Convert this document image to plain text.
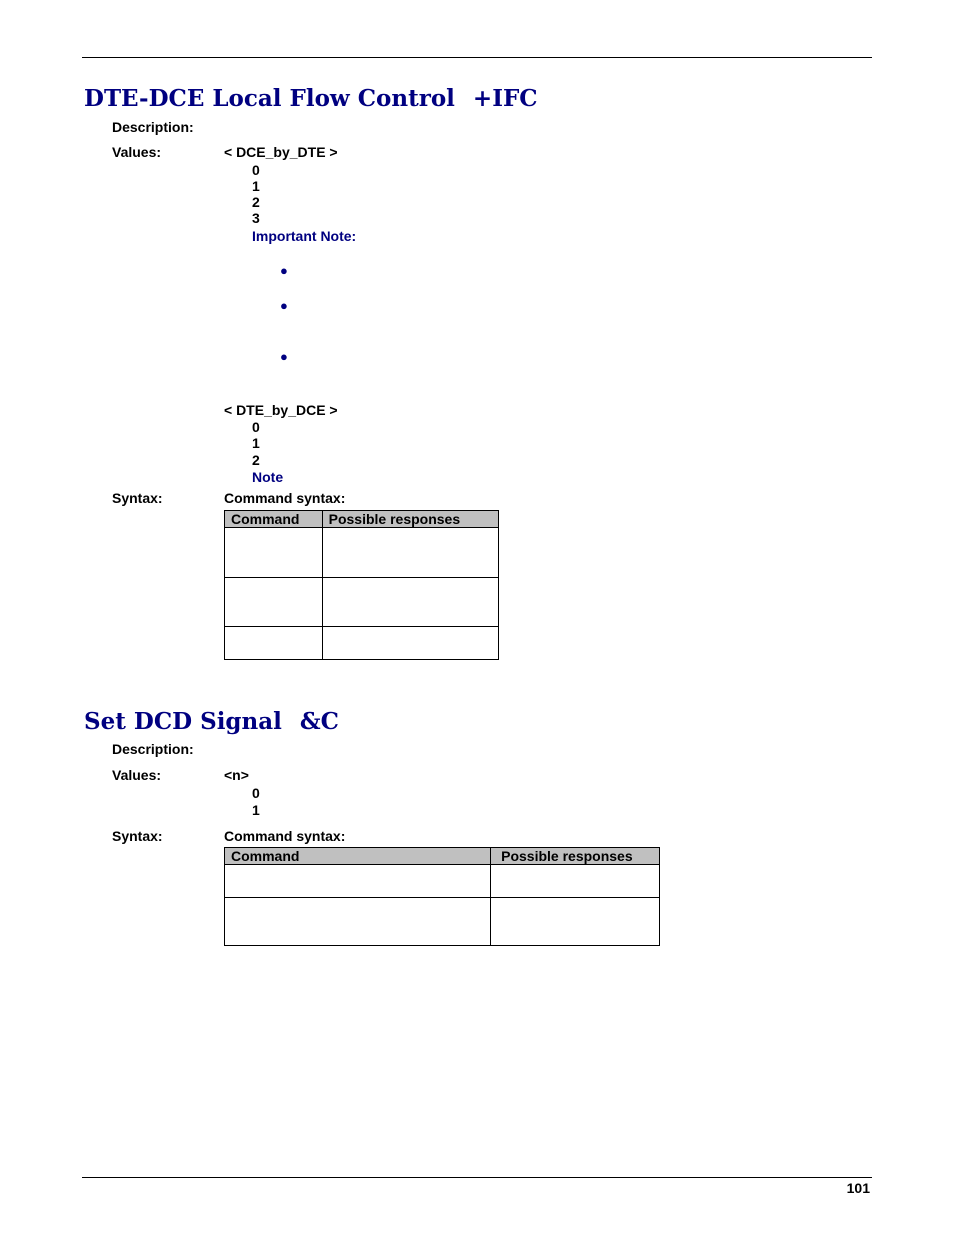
DTE-DCE Local Flow Control +IFC
Description:
Values:	< DCE_by_DTE >
0
1
2
3
Important Note:
●
●
●
< DTE_by_DCE >
0
1
2
Note
Syntax:	Command syntax:
Command	Possible responses

Set DCD Signal &C
Description:
Values:	<n>
0
1
Syntax:	Command syntax:
Command	Possible responses

101
